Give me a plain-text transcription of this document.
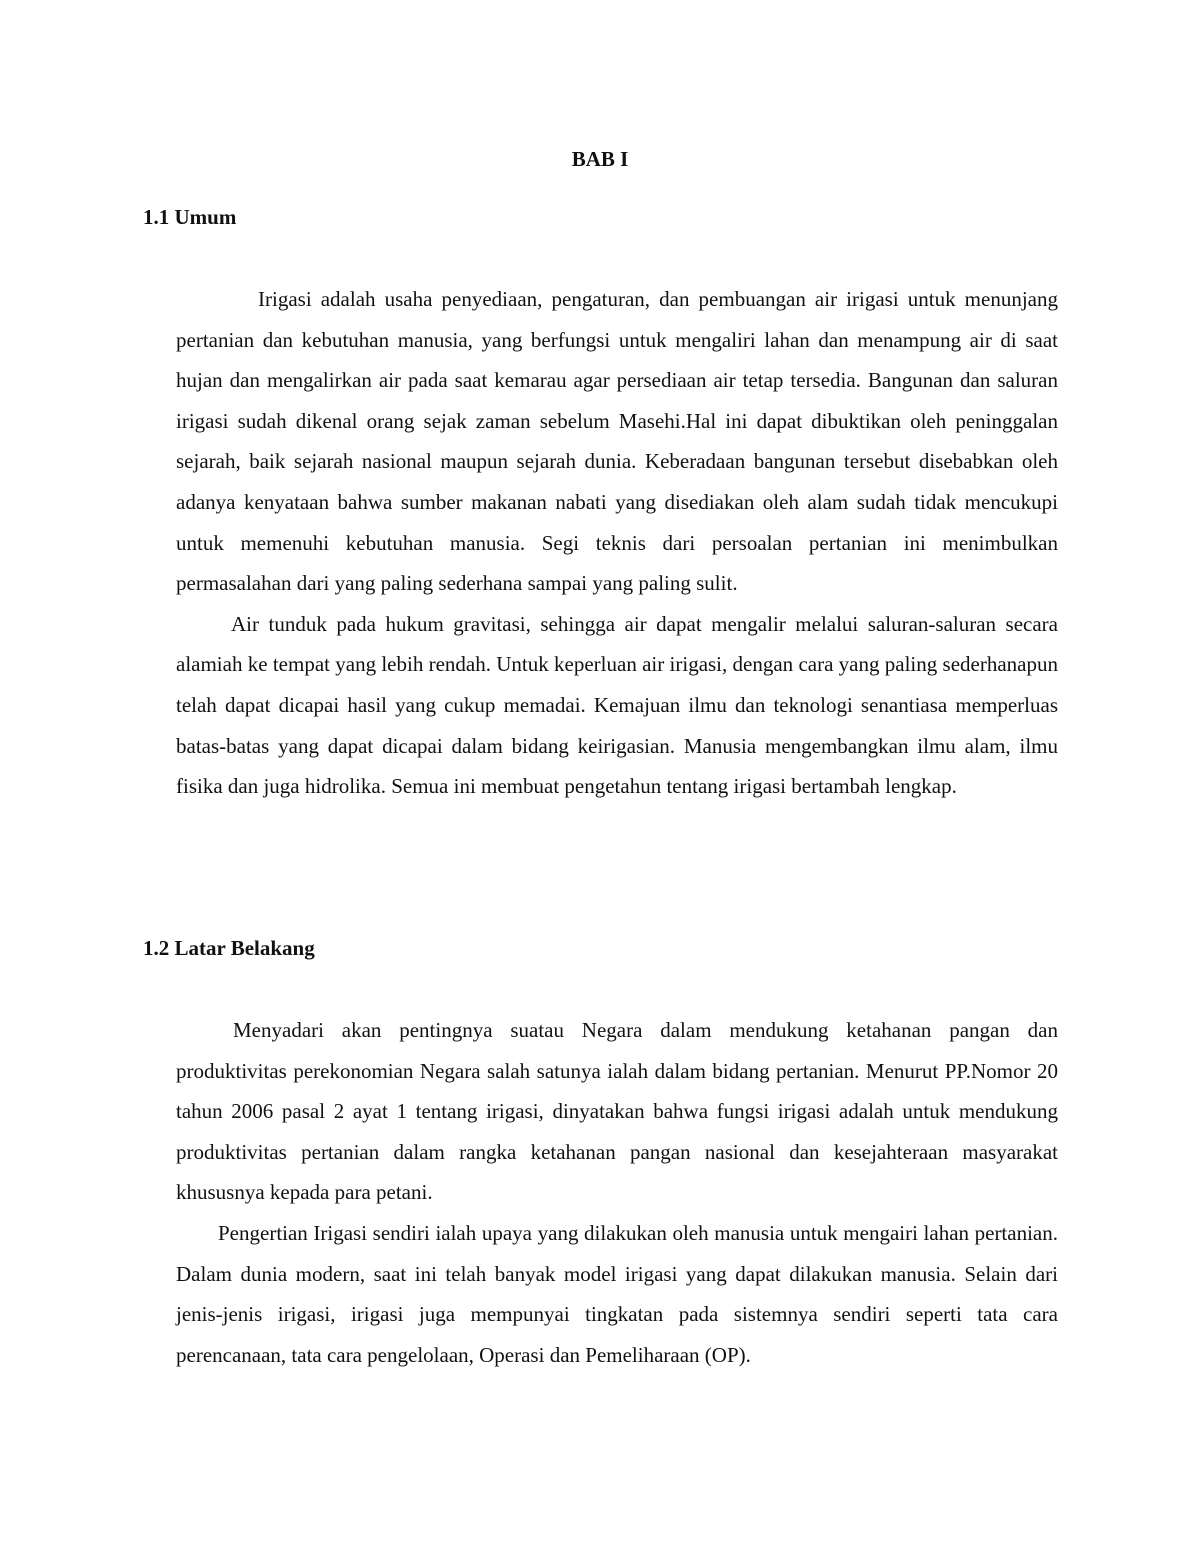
BAB I
1.1 Umum

Irigasi adalah usaha penyediaan, pengaturan, dan pembuangan air irigasi untuk menunjang pertanian dan kebutuhan manusia, yang berfungsi untuk mengaliri lahan dan menampung air di saat hujan dan mengalirkan air pada saat kemarau agar persediaan air tetap tersedia. Bangunan dan saluran irigasi sudah dikenal orang sejak zaman sebelum Masehi.Hal ini dapat dibuktikan oleh peninggalan sejarah, baik sejarah nasional maupun sejarah dunia. Keberadaan bangunan tersebut disebabkan oleh adanya kenyataan bahwa sumber makanan nabati yang disediakan oleh alam sudah tidak mencukupi untuk memenuhi kebutuhan manusia. Segi teknis dari persoalan pertanian ini menimbulkan permasalahan dari yang paling sederhana sampai yang paling sulit.

Air tunduk pada hukum gravitasi, sehingga air dapat mengalir melalui saluran-saluran secara alamiah ke tempat yang lebih rendah. Untuk keperluan air irigasi, dengan cara yang paling sederhanapun telah dapat dicapai hasil yang cukup memadai. Kemajuan ilmu dan teknologi senantiasa memperluas batas-batas yang dapat dicapai dalam bidang keirigasian. Manusia mengembangkan ilmu alam, ilmu fisika dan juga hidrolika. Semua ini membuat pengetahun tentang irigasi bertambah lengkap.

1.2 Latar Belakang

Menyadari akan pentingnya suatau Negara dalam mendukung ketahanan pangan dan produktivitas perekonomian Negara salah satunya ialah dalam bidang pertanian. Menurut PP.Nomor 20 tahun 2006 pasal 2 ayat 1 tentang irigasi, dinyatakan bahwa fungsi irigasi adalah untuk mendukung produktivitas pertanian dalam rangka ketahanan pangan nasional dan kesejahteraan masyarakat khususnya kepada para petani.

Pengertian Irigasi sendiri ialah upaya yang dilakukan oleh manusia untuk mengairi lahan pertanian. Dalam dunia modern, saat ini telah banyak model irigasi yang dapat dilakukan manusia. Selain dari jenis-jenis irigasi, irigasi juga mempunyai tingkatan pada sistemnya sendiri seperti tata cara perencanaan, tata cara pengelolaan, Operasi dan Pemeliharaan (OP).
